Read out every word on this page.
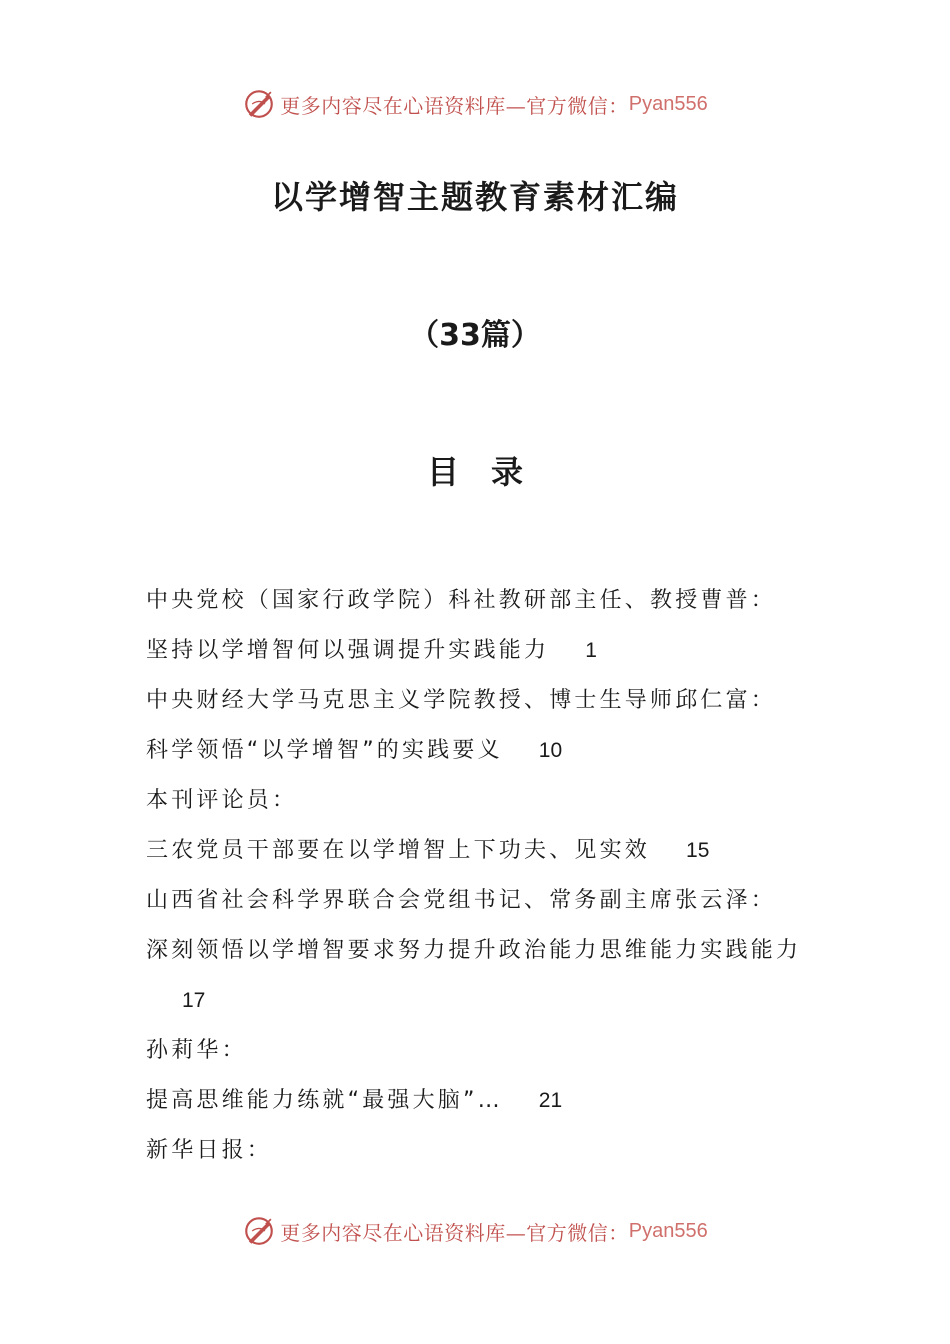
更多内容尽在心语资料库—官方微信： Pyan556
以学增智主题教育素材汇编
（33篇）
目　录
中央党校（国家行政学院）科社教研部主任、教授曹普：
坚持以学增智何以强调提升实践能力 1
中央财经大学马克思主义学院教授、博士生导师邱仁富：
科学领悟“以学增智”的实践要义 10
本刊评论员：
三农党员干部要在以学增智上下功夫、见实效 15
山西省社会科学界联合会党组书记、常务副主席张云泽：
深刻领悟以学增智要求努力提升政治能力思维能力实践能力17
孙莉华：
提高思维能力练就“最强大脑”… 21
新华日报：
更多内容尽在心语资料库—官方微信： Pyan556
